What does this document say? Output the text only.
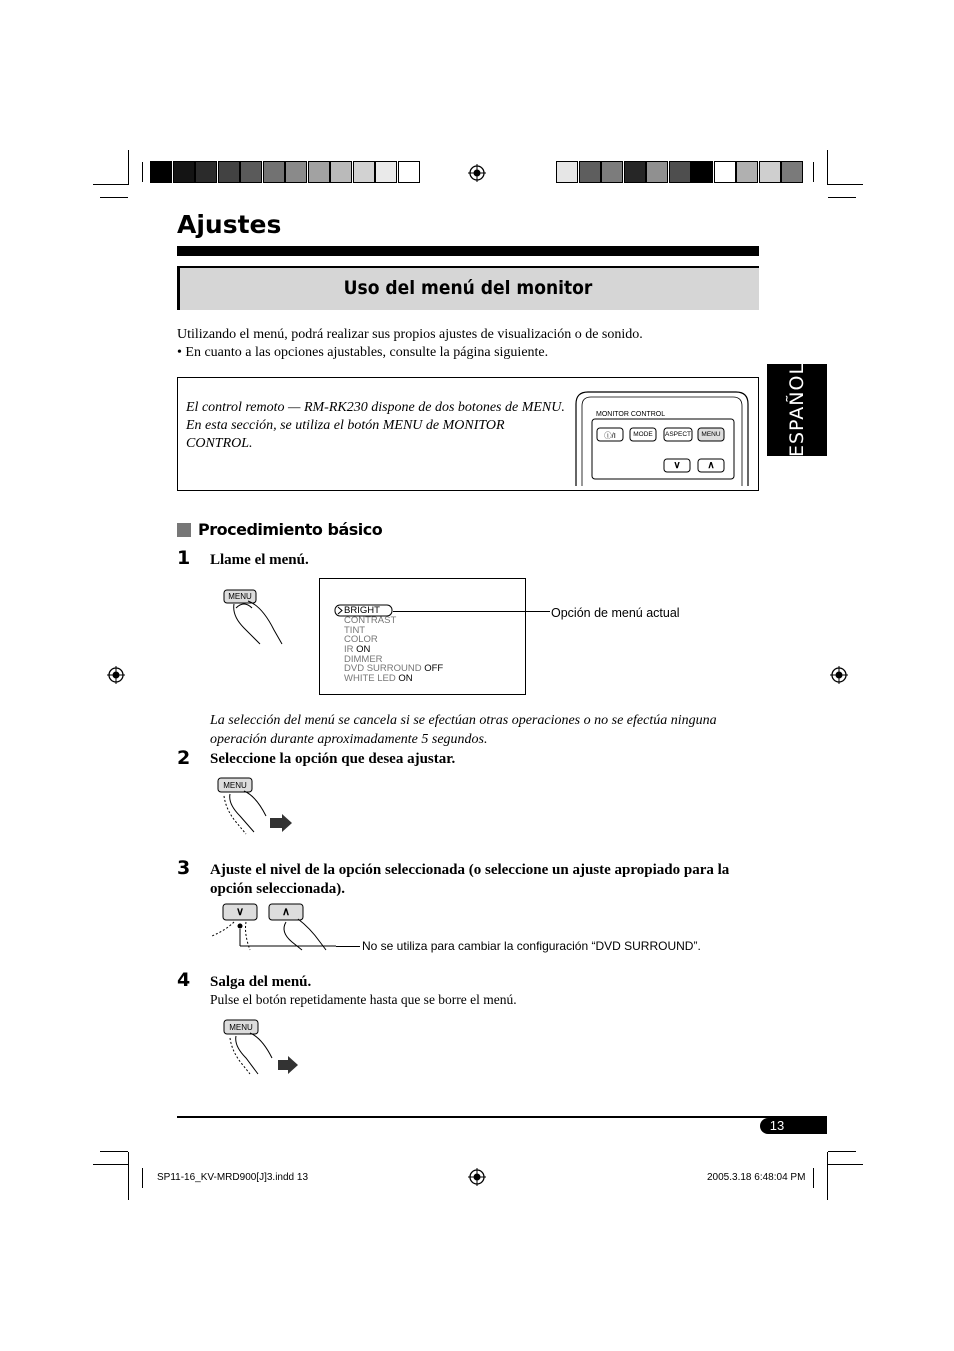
Ajustes
Uso del menú del monitor
Utilizando el menú, podrá realizar sus propios ajustes de visualización o de sonido.
• En cuanto a las opciones ajustables, consulte la página siguiente.
ESPAÑOL
El control remoto — RM-RK230 dispone de dos botones de MENU. En esta sección, se utiliza el botón MENU de MONITOR CONTROL.
MONITOR CONTROL
ⓘ/I	MODE	ASPECT	MENU
∨	∧
Procedimiento básico
1 Llame el menú.
MENU
Opción de menú actual
BRIGHT
CONTRAST
TINT
COLOR
IR ON
DIMMER
DVD SURROUND OFF
WHITE LED ON
La selección del menú se cancela si se efectúan otras operaciones o no se efectúa ninguna operación durante aproximadamente 5 segundos.
2 Seleccione la opción que desea ajustar.
MENU
3 Ajuste el nivel de la opción seleccionada (o seleccione un ajuste apropiado para la opción seleccionada).
∨	∧
No se utiliza para cambiar la configuración “DVD SURROUND”.
4 Salga del menú.
Pulse el botón repetidamente hasta que se borre el menú.
MENU
13
SP11-16_KV-MRD900[J]3.indd 13	2005.3.18 6:48:04 PM
